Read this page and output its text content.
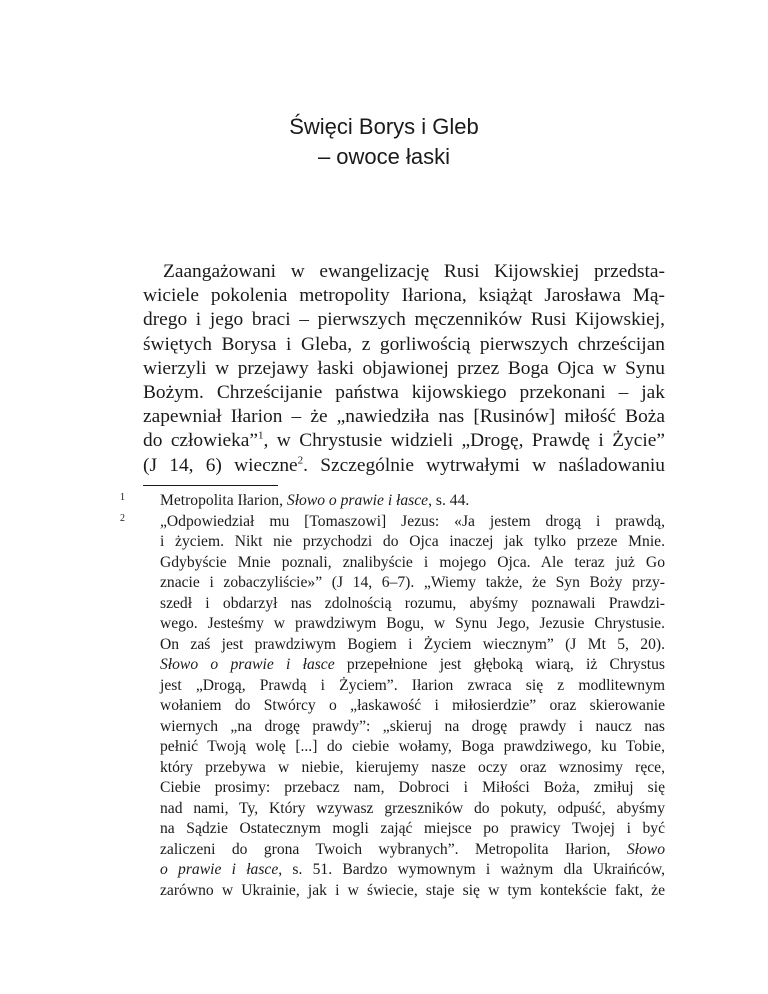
Święci Borys i Gleb
– owoce łaski
Zaangażowani w ewangelizację Rusi Kijowskiej przedsta-
wiciele pokolenia metropolity Iłariona, książąt Jarosława Mą-
drego i jego braci – pierwszych męczenników Rusi Kijowskiej,
świętych Borysa i Gleba, z gorliwością pierwszych chrześcijan
wierzyli w przejawy łaski objawionej przez Boga Ojca w Synu
Bożym. Chrześcijanie państwa kijowskiego przekonani – jak
zapewniał Iłarion – że „nawiedziła nas [Rusinów] miłość Boża
do człowieka”$^1$, w Chrystusie widzieli „Drogę, Prawdę i Życie”
(J 14, 6) wieczne$^2$. Szczególnie wytrwałymi w naśladowaniu
1 Metropolita Iłarion, Słowo o prawie i łasce, s. 44.
2 „Odpowiedział mu [Tomaszowi] Jezus: «Ja jestem drogą i prawdą,
i życiem. Nikt nie przychodzi do Ojca inaczej jak tylko przeze Mnie.
Gdybyście Mnie poznali, znalibyście i mojego Ojca. Ale teraz już Go
znacie i zobaczyliście»” (J 14, 6–7). „Wiemy także, że Syn Boży przy-
szedł i obdarzył nas zdolnością rozumu, abyśmy poznawali Prawdzi-
wego. Jesteśmy w prawdziwym Bogu, w Synu Jego, Jezusie Chrystusie.
On zaś jest prawdziwym Bogiem i Życiem wiecznym” (J Mt 5, 20).
Słowo o prawie i łasce przepełnione jest głęboką wiarą, iż Chrystus
jest „Drogą, Prawdą i Życiem”. Iłarion zwraca się z modlitewnym
wołaniem do Stwórcy o „łaskawość i miłosierdzie” oraz skierowanie
wiernych „na drogę prawdy”: „skieruj na drogę prawdy i naucz nas
pełnić Twoją wolę [...] do ciebie wołamy, Boga prawdziwego, ku Tobie,
który przebywa w niebie, kierujemy nasze oczy oraz wznosimy ręce,
Ciebie prosimy: przebacz nam, Dobroci i Miłości Boża, zmiłuj się
nad nami, Ty, Który wzywasz grzeszników do pokuty, odpuść, abyśmy
na Sądzie Ostatecznym mogli zająć miejsce po prawicy Twojej i być
zaliczeni do grona Twoich wybranych”. Metropolita Iłarion, Słowo
o prawie i łasce, s. 51. Bardzo wymownym i ważnym dla Ukraińców,
zarówno w Ukrainie, jak i w świecie, staje się w tym kontekście fakt, że
